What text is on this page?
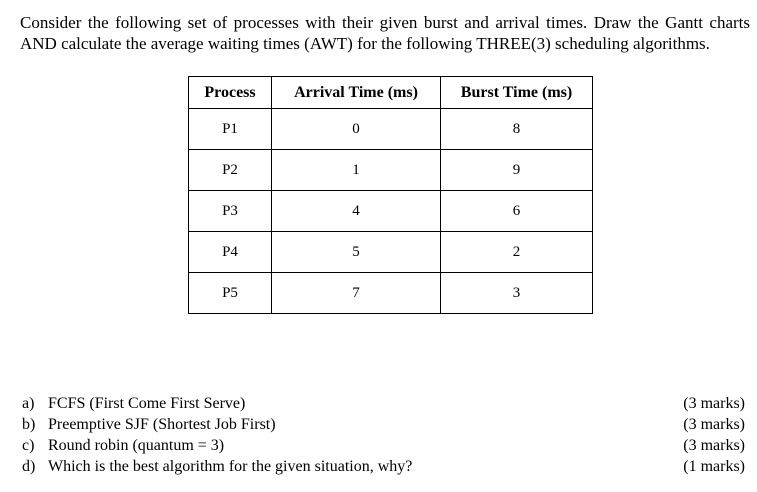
Consider the following set of processes with their given burst and arrival times. Draw the Gantt charts AND calculate the average waiting times (AWT) for the following THREE(3) scheduling algorithms.
Process	Arrival Time (ms)	Burst Time (ms)
P1	0	8
P2	1	9
P3	4	6
P4	5	2
P5	7	3
a) FCFS (First Come First Serve)
b) Preemptive SJF (Shortest Job First)
c) Round robin (quantum = 3)
d) Which is the best algorithm for the given situation, why?
(3 marks)
(3 marks)
(3 marks)
(1 marks)
